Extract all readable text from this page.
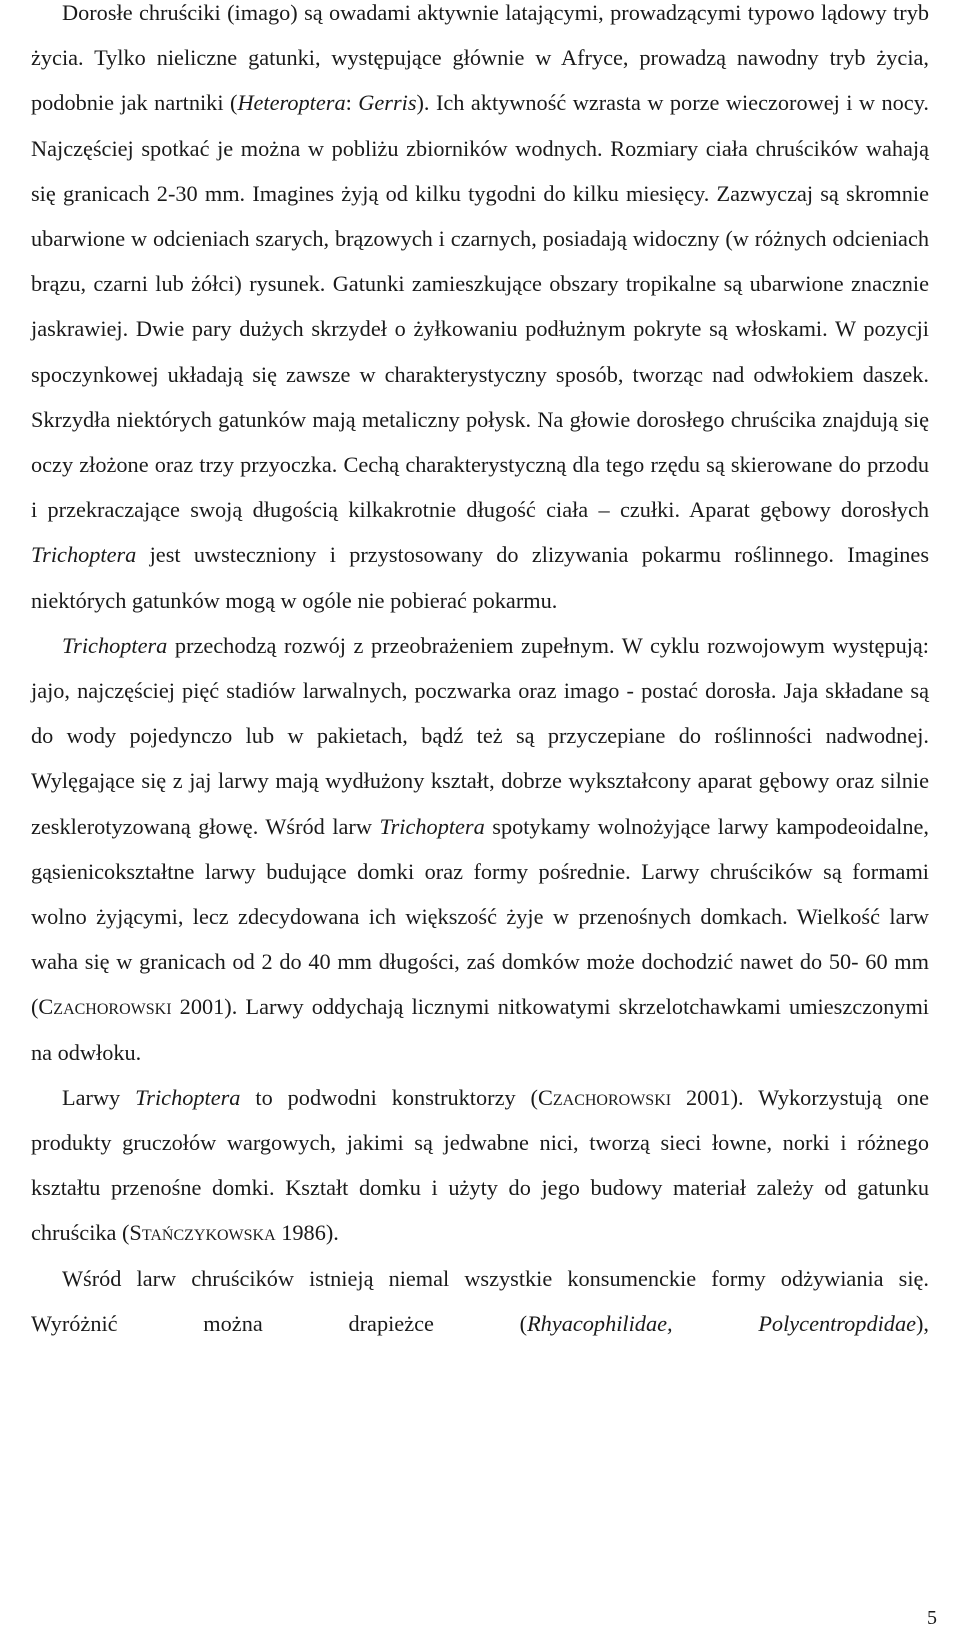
Dorosłe chruściki (imago) są owadami aktywnie latającymi, prowadzącymi typowo lądowy tryb życia. Tylko nieliczne gatunki, występujące głównie w Afryce, prowadzą nawodny tryb życia, podobnie jak nartniki (Heteroptera: Gerris). Ich aktywność wzrasta w porze wieczorowej i w nocy. Najczęściej spotkać je można w pobliżu zbiorników wodnych. Rozmiary ciała chruścików wahają się granicach 2-30 mm. Imagines żyją od kilku tygodni do kilku miesięcy. Zazwyczaj są skromnie ubarwione w odcieniach szarych, brązowych i czarnych, posiadają widoczny (w różnych odcieniach brązu, czarni lub żółci) rysunek. Gatunki zamieszkujące obszary tropikalne są ubarwione znacznie jaskrawiej. Dwie pary dużych skrzydeł o żyłkowaniu podłużnym pokryte są włoskami. W pozycji spoczynkowej układają się zawsze w charakterystyczny sposób, tworząc nad odwłokiem daszek. Skrzydła niektórych gatunków mają metaliczny połysk. Na głowie dorosłego chruścika znajdują się oczy złożone oraz trzy przyoczka. Cechą charakterystyczną dla tego rzędu są skierowane do przodu i przekraczające swoją długością kilkakrotnie długość ciała – czułki. Aparat gębowy dorosłych Trichoptera jest uwsteczniony i przystosowany do zlizywania pokarmu roślinnego. Imagines niektórych gatunków mogą w ogóle nie pobierać pokarmu.

Trichoptera przechodzą rozwój z przeobrażeniem zupełnym. W cyklu rozwojowym występują: jajo, najczęściej pięć stadiów larwalnych, poczwarka oraz imago - postać dorosła. Jaja składane są do wody pojedynczo lub w pakietach, bądź też są przyczepiane do roślinności nadwodnej. Wylęgające się z jaj larwy mają wydłużony kształt, dobrze wykształcony aparat gębowy oraz silnie zesklerotyzowaną głowę. Wśród larw Trichoptera spotykamy wolnożyjące larwy kampodeoidalne, gąsienicokształtne larwy budujące domki oraz formy pośrednie. Larwy chruścików są formami wolno żyjącymi, lecz zdecydowana ich większość żyje w przenośnych domkach. Wielkość larw waha się w granicach od 2 do 40 mm długości, zaś domków może dochodzić nawet do 50- 60 mm (Czachorowski 2001). Larwy oddychają licznymi nitkowatymi skrzelotchawkami umieszczonymi na odwłoku.

Larwy Trichoptera to podwodni konstruktorzy (Czachorowski 2001). Wykorzystują one produkty gruczołów wargowych, jakimi są jedwabne nici, tworzą sieci łowne, norki i różnego kształtu przenośne domki. Kształt domku i użyty do jego budowy materiał zależy od gatunku chruścika (Stańczykowska 1986).

Wśród larw chruścików istnieją niemal wszystkie konsumenckie formy odżywiania się. Wyróżnić można drapieżce (Rhyacophilidae, Polycentropdidae),

5
